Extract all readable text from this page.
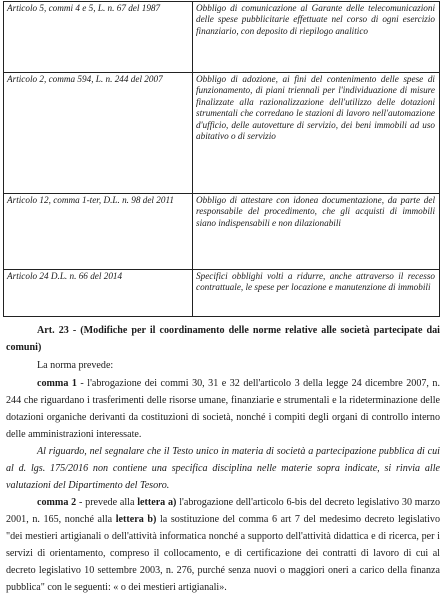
Articolo 5, commi 4 e 5, L. n. 67 del 1987	Obbligo di comunicazione al Garante delle telecomunicazioni delle spese pubblicitarie effettuate nel corso di ogni esercizio finanziario, con deposito di riepilogo analitico
Articolo 2, comma 594, L. n. 244 del 2007	Obbligo di adozione, ai fini del contenimento delle spese di funzionamento, di piani triennali per l'individuazione di misure finalizzate alla razionalizzazione dell'utilizzo delle dotazioni strumentali che corredano le stazioni di lavoro nell'automazione d'ufficio, delle autovetture di servizio, dei beni immobili ad uso abitativo o di servizio
Articolo 12, comma 1-ter, D.L. n. 98 del 2011	Obbligo di attestare con idonea documentazione, da parte del responsabile del procedimento, che gli acquisti di immobili siano indispensabili e non dilazionabili
Articolo 24 D.L. n. 66 del 2014	Specifici obblighi volti a ridurre, anche attraverso il recesso contrattuale, le spese per locazione e manutenzione di immobili

Art. 23 - (Modifiche per il coordinamento delle norme relative alle società partecipate dai comuni)

La norma prevede:

comma 1 - l'abrogazione dei commi 30, 31 e 32 dell'articolo 3 della legge 24 dicembre 2007, n. 244 che riguardano i trasferimenti delle risorse umane, finanziarie e strumentali e la rideterminazione delle dotazioni organiche derivanti da costituzioni di società, nonché i compiti degli organi di controllo interno delle amministrazioni interessate.

Al riguardo, nel segnalare che il Testo unico in materia di società a partecipazione pubblica di cui al d. lgs. 175/2016 non contiene una specifica disciplina nelle materie sopra indicate, si rinvia alle valutazioni del Dipartimento del Tesoro.

comma 2 - prevede alla lettera a) l'abrogazione dell'articolo 6-bis del decreto legislativo 30 marzo 2001, n. 165, nonché alla lettera b) la sostituzione del comma 6 art 7 del medesimo decreto legislativo "dei mestieri artigianali o dell'attività informatica nonché a supporto dell'attività didattica e di ricerca, per i servizi di orientamento, compreso il collocamento, e di certificazione dei contratti di lavoro di cui al decreto legislativo 10 settembre 2003, n. 276, purché senza nuovi o maggiori oneri a carico della finanza pubblica" con le seguenti: « o dei mestieri artigianali».
